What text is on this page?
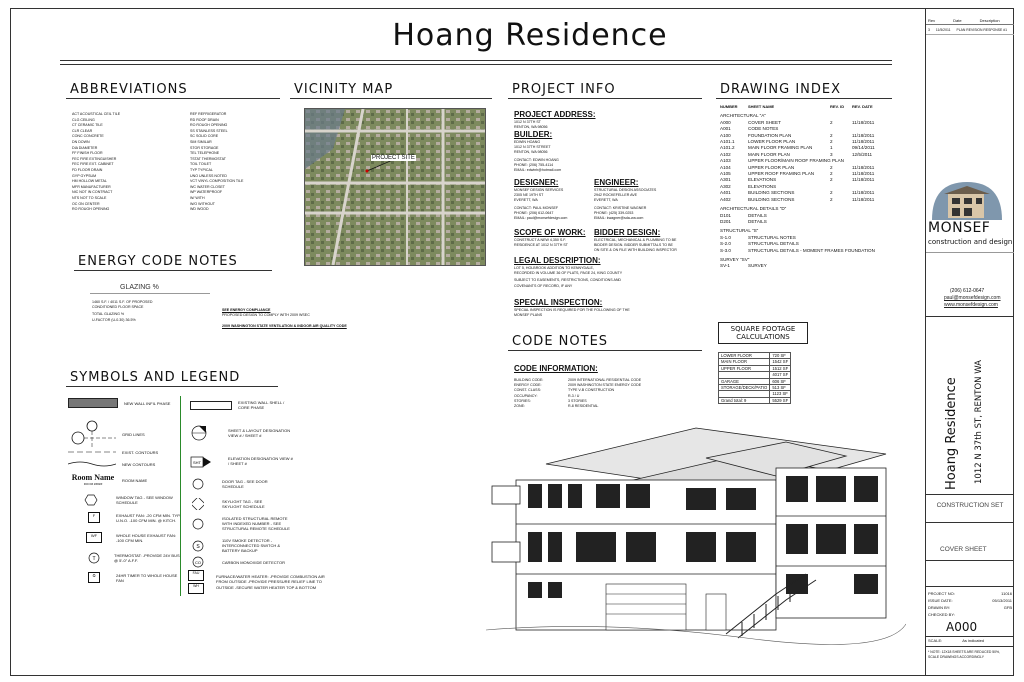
Hoang Residence
ABBREVIATIONS
ACT ACOUSTICAL CEIL TILE
CLG CEILING
CT CERAMIC TILE
CLR CLEAR
CONC CONCRETE
DN DOWN
DIA DIAMETER
FF FINISH FLOOR
FEC FIRE EXTINGUISHER
FEC FIRE EXT. CABINET
FD FLOOR DRAIN
GYP GYPSUM
HM HOLLOW METAL
MFR MANUFACTURER
NIC NOT IN CONTRACT
NTS NOT TO SCALE
OC ON CENTER
RO ROUGH OPENING
REF REFRIGERATOR
RD ROOF DRAIN
RO ROUGH OPENING
SS STAINLESS STEEL
SC SOLID CORE
SIM SIMILAR
STOR STORAGE
TEL TELEPHONE
TSTAT THERMOSTAT
TOIL TOILET
TYP TYPICAL
UNO UNLESS NOTED
VCT VINYL COMPOSITION TILE
WC WATER CLOSET
WP WATERPROOF
W/ WITH
W/O WITHOUT
WD WOOD
ENERGY CODE NOTES
GLAZING %
1460 S.F. / 4011 S.F. OF PROPOSED
CONDITIONED FLOOR SPACE
TOTAL GLAZING %
U-FACTOR (U-0.30) 36.5%
SEE ENERGY COMPLIANCE
PROPOSED DESIGN TO COMPLY WITH 2009 WSEC
2009 WASHINGTON STATE VENTILATION & INDOOR AIR QUALITY CODE
SYMBOLS AND LEGEND
NEW WALL INFIL PHASE
GRID LINES
EXIST. CONTOURS
NEW CONTOURS
Room Name
ROOM #####
ROOM NAME
WINDOW TAG - SEE WINDOW SCHEDULE
F	EXHAUST FAN: -20 CFM MIN. TYP. U.N.O. -100 CFM MIN. @ KITCH.
WF	WHOLE HOUSE EXHAUST FAN: -100 CFM MIN.
T
THERMOSTAT: -PROVIDE 24V BUS @ 5'-0" A.F.F.
⏲	24HR TIMER TO WHOLE HOUSE FAN
EXISTING WALL SHELL / CORE PHASE
SHEET & LAYOUT DESIGNATION VIEW # / SHEET #
SHT
ELEVATION DESIGNATION VIEW # / SHEET #
DOOR TAG - SEE DOOR SCHEDULE
SKYLIGHT TAG - SEE SKYLIGHT SCHEDULE
ISOLATED STRUCTURAL REMOTE WITH INDEXED NUMBER - SEE STRUCTURAL REMOTE SCHEDULE
S
110V SMOKE DETECTOR - INTERCONNECTED SWITCH & BATTERY BACKUP
CO	CARBON MONOXIDE DETECTOR
FAU
WH
FURNACE/WATER HEATER: -PROVIDE COMBUSTION AIR FROM OUTSIDE -PROVIDE PRESSURE RELIEF LINE TO OUTSIDE -SECURE WATER HEATER TOP & BOTTOM
VICINITY MAP
PROJECT SITE
PROJECT INFO
PROJECT ADDRESS:
1012 N 37TH ST
RENTON, WA 98056
BUILDER:
EDWIN HOANG
1012 N 37TH STREET
RENTON, WA 98056
CONTACT: EDWIN HOANG
PHONE: (206) 755-4114
EMAIL: edwinh@hotmail.com
DESIGNER:
MONSEF DESIGN SERVICES
2305 NE 19TH ST
EVERETT, WA
CONTACT: PAUL MONSEF
PHONE: (206) 612-0647
EMAIL: paul@monsefdesign.com
ENGINEER:
STRUCTURAL DESIGN ASSOCIATES
2942 ROCKEFELLER AVE
EVERETT, WA
CONTACT: KRISTINE WAGNER
PHONE: (425) 339-0253
EMAIL: kwagner@sda-wa.com
SCOPE OF WORK:
CONSTRUCT A NEW 4,350 S.F.
RESIDENCE AT 1012 N 37TH ST
BIDDER DESIGN:
ELECTRICAL, MECHANICAL & PLUMBING TO BE
BIDDER DESIGN. BIDDER SUBMITTALS TO BE
ON SITE & ON FILE WITH BUILDING INSPECTOR
LEGAL DESCRIPTION:
LOT 5, HOLBROOK ADDITION TO KENNYDALE,
RECORDED IN VOLUME 36 OF PLATS, PAGE 24, KING COUNTY
SUBJECT TO EASEMENTS, RESTRICTIONS, CONDITIONS AND
COVENANTS OF RECORD, IF ANY
SPECIAL INSPECTION:
SPECIAL INSPECTION IS REQUIRED FOR THE FOLLOWING OF THE
MONSEF PLANS
CODE NOTES
CODE INFORMATION:
BUILDING CODE:	2009 INTERNATIONAL RESIDENTIAL CODE
ENERGY CODE:	2009 WASHINGTON STATE ENERGY CODE
CONST. CLASS:	TYPE V-B CONSTRUCTION
OCCUPANCY:	R-3 / U
STORIES:	3 STORIES
ZONE:	R-8 RESIDENTIAL
DRAWING INDEX
NUMBER	SHEET NAME	REV. ID	REV. DATE
ARCHITECTURAL "A"
A000	COVER SHEET	2	11/18/2011
A001	CODE NOTES
A100	FOUNDATION PLAN	2	11/18/2011
A101.1	LOWER FLOOR PLAN	2	11/18/2011
A101.2	MAIN FLOOR FRAMING PLAN	1	09/14/2011
A102	MAIN FLOOR PLAN	3	12/5/2011
A103	UPPER FLOOR/MAIN ROOF FRAMING PLAN
A104	UPPER FLOOR PLAN	2	11/18/2011
A105	UPPER ROOF FRAMING PLAN	2	11/18/2011
A301	ELEVATIONS	2	11/18/2011
A302	ELEVATIONS
A401	BUILDING SECTIONS	2	11/18/2011
A402	BUILDING SECTIONS	2	11/18/2011
ARCHITECTURAL DETAILS "D"
D101	DETAILS
D201	DETAILS
STRUCTURAL "S"
S-1.0	STRUCTURAL NOTES
S-2.0	STRUCTURAL DETAILS
S-3.0	STRUCTURAL DETAILS - MOMENT FRAMES FOUNDATION
SURVEY "SV"
SV-1	SURVEY
SQUARE FOOTAGE CALCULATIONS
LOWER FLOOR	720 SF
MAIN FLOOR	1542 SF
UPPER FLOOR	1512 SF
	4017 SF
GARAGE	606 SF
STORAGE/DECK/PATIO	513 SF
	1123 SF
Grand total: 9	5529 SF
Rev	Date	Description
3 11/5/2011 PLAN REVISION RESPONSE #1
MONSEF
construction and design
(206) 612-0647
paul@monsefdesign.com
www.monsefdesign.com
Hoang Residence 1012 N 37th ST, RENTON WA
CONSTRUCTION SET
COVER SHEET
PROJECT NO:	11016
ISSUE DATE:	05/13/2011
DRAWN BY:	GFB
CHECKED BY:
A000
SCALE:	As indicated
* NOTE: 12X18 SHEETS ARE REDUCED 50%, SCALE DRAWINGS ACCORDINGLY
